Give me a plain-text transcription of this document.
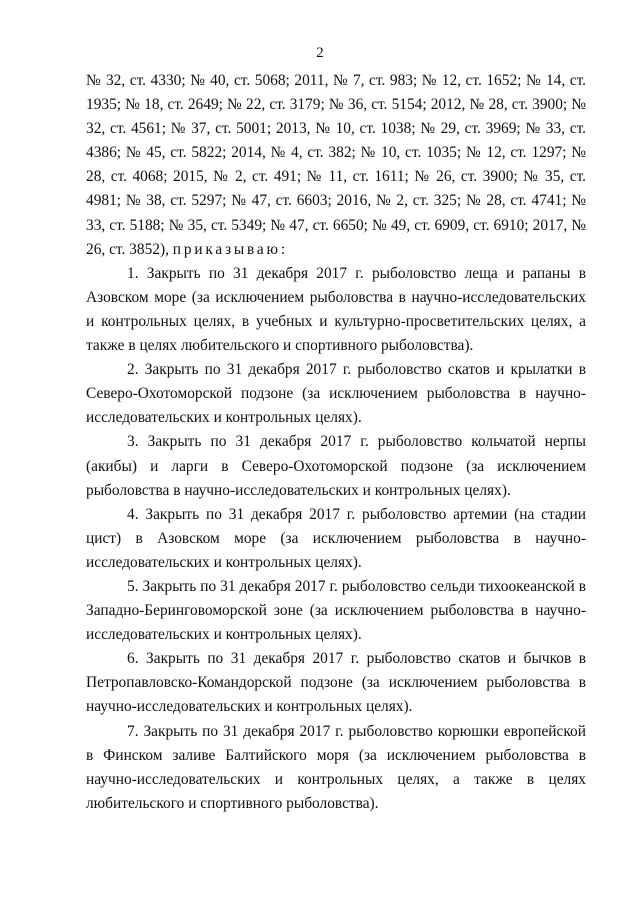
2

№ 32, ст. 4330; № 40, ст. 5068; 2011, № 7, ст. 983; № 12, ст. 1652; № 14, ст. 1935; № 18, ст. 2649; № 22, ст. 3179; № 36, ст. 5154; 2012, № 28, ст. 3900; № 32, ст. 4561; № 37, ст. 5001; 2013, № 10, ст. 1038; № 29, ст. 3969; № 33, ст. 4386; № 45, ст. 5822; 2014, № 4, ст. 382; № 10, ст. 1035; № 12, ст. 1297; № 28, ст. 4068; 2015, № 2, ст. 491; № 11, ст. 1611; № 26, ст. 3900; № 35, ст. 4981; № 38, ст. 5297; № 47, ст. 6603; 2016, № 2, ст. 325; № 28, ст. 4741; № 33, ст. 5188; № 35, ст. 5349; № 47, ст. 6650; № 49, ст. 6909, ст. 6910; 2017, № 26, ст. 3852), приказываю:

1. Закрыть по 31 декабря 2017 г. рыболовство леща и рапаны в Азовском море (за исключением рыболовства в научно-исследовательских и контрольных целях, в учебных и культурно-просветительских целях, а также в целях любительского и спортивного рыболовства).

2. Закрыть по 31 декабря 2017 г. рыболовство скатов и крылатки в Северо-Охотоморской подзоне (за исключением рыболовства в научно-исследовательских и контрольных целях).

3. Закрыть по 31 декабря 2017 г. рыболовство кольчатой нерпы (акибы) и ларги в Северо-Охотоморской подзоне (за исключением рыболовства в научно-исследовательских и контрольных целях).

4. Закрыть по 31 декабря 2017 г. рыболовство артемии (на стадии цист) в Азовском море (за исключением рыболовства в научно-исследовательских и контрольных целях).

5. Закрыть по 31 декабря 2017 г. рыболовство сельди тихоокеанской в Западно-Беринговоморской зоне (за исключением рыболовства в научно-исследовательских и контрольных целях).

6. Закрыть по 31 декабря 2017 г. рыболовство скатов и бычков в Петропавловско-Командорской подзоне (за исключением рыболовства в научно-исследовательских и контрольных целях).

7. Закрыть по 31 декабря 2017 г. рыболовство корюшки европейской в Финском заливе Балтийского моря (за исключением рыболовства в научно-исследовательских и контрольных целях, а также в целях любительского и спортивного рыболовства).
